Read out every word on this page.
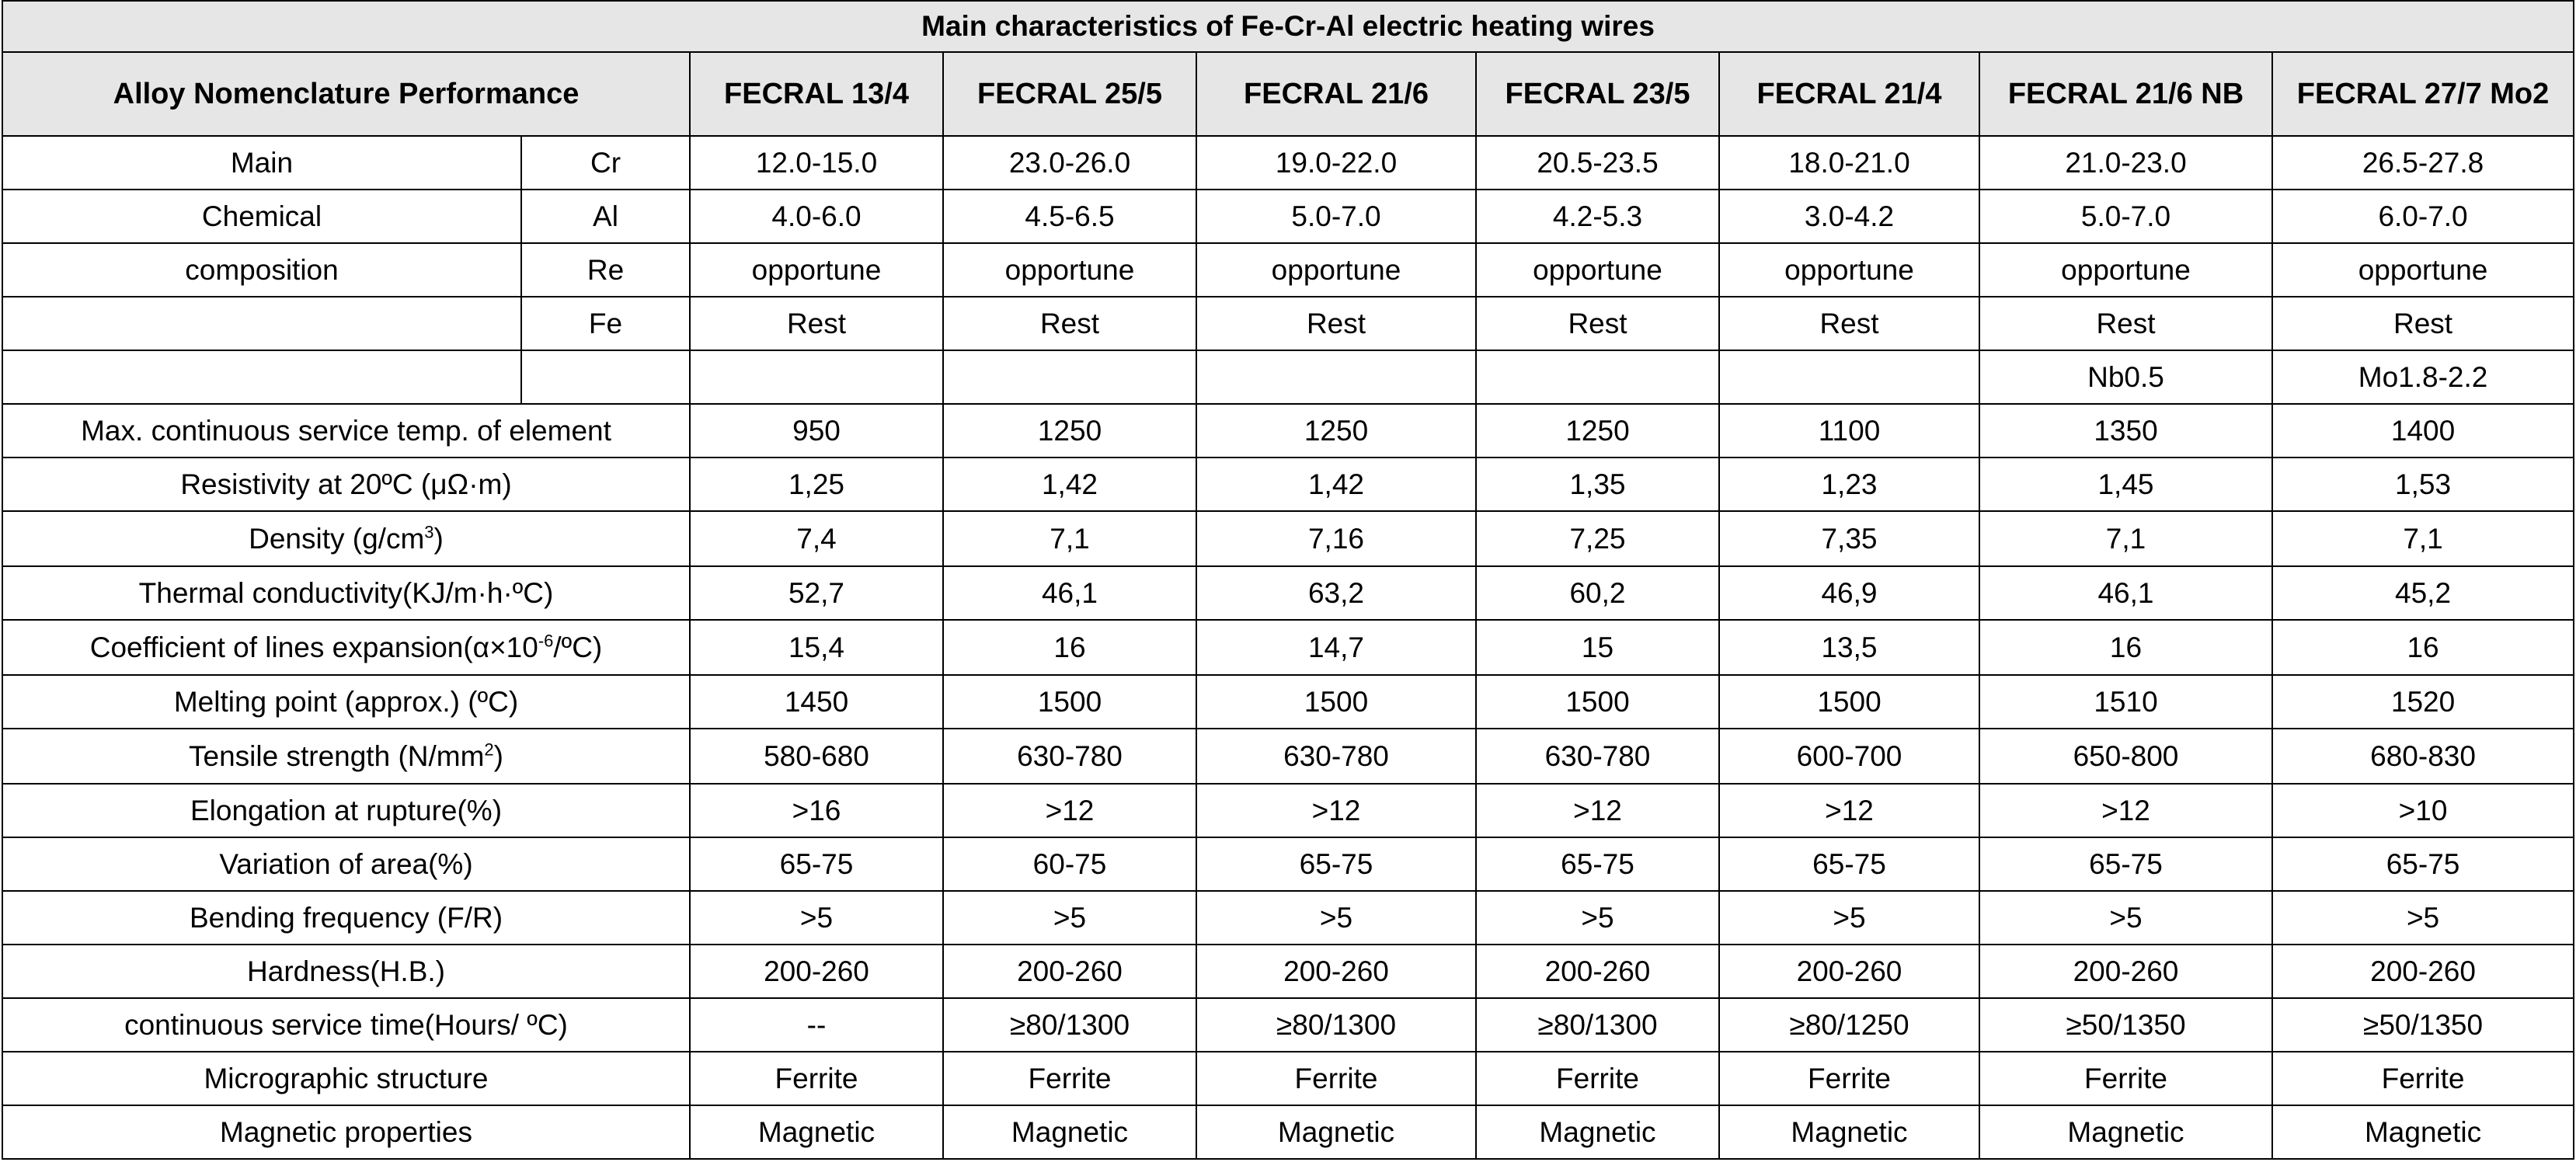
Main characteristics of Fe-Cr-Al electric heating wires								
Alloy Nomenclature Performance		FECRAL 13/4	FECRAL 25/5	FECRAL 21/6	FECRAL 23/5	FECRAL 21/4	FECRAL 21/6 NB	FECRAL 27/7 Mo2
Main	Cr	12.0-15.0	23.0-26.0	19.0-22.0	20.5-23.5	18.0-21.0	21.0-23.0	26.5-27.8
Chemical	Al	4.0-6.0	4.5-6.5	5.0-7.0	4.2-5.3	3.0-4.2	5.0-7.0	6.0-7.0
composition	Re	opportune	opportune	opportune	opportune	opportune	opportune	opportune
	Fe	Rest	Rest	Rest	Rest	Rest	Rest	Rest
							Nb0.5	Mo1.8-2.2
Max. continuous service temp. of element		950	1250	1250	1250	1100	1350	1400
Resistivity at 20ºC (μΩ·m)		1,25	1,42	1,42	1,35	1,23	1,45	1,53
Density $(g/cm^3)$		7,4	7,1	7,16	7,25	7,35	7,1	7,1
Thermal conductivity(KJ/m·h·ºC)		52,7	46,1	63,2	60,2	46,9	46,1	45,2
Coefficient of lines $expansion(\alpha\times 10^{-6}/ºC)$		15,4	16	14,7	15	13,5	16	16
Melting point (approx.) (ºC)		1450	1500	1500	1500	1500	1510	1520
Tensile strength $(N/mm^2)$		580-680	630-780	630-780	630-780	600-700	650-800	680-830
Elongation at rupture(%)		>16	>12	>12	>12	>12	>12	>10
Variation of area(%)		65-75	60-75	65-75	65-75	65-75	65-75	65-75
Bending frequency (F/R)		>5	>5	>5	>5	>5	>5	>5
Hardness(H.B.)		200-260	200-260	200-260	200-260	200-260	200-260	200-260
continuous service time(Hours/ ºC)		--	≥80/1300	≥80/1300	≥80/1300	≥80/1250	≥50/1350	≥50/1350
Micrographic structure		Ferrite	Ferrite	Ferrite	Ferrite	Ferrite	Ferrite	Ferrite
Magnetic properties		Magnetic	Magnetic	Magnetic	Magnetic	Magnetic	Magnetic	Magnetic
